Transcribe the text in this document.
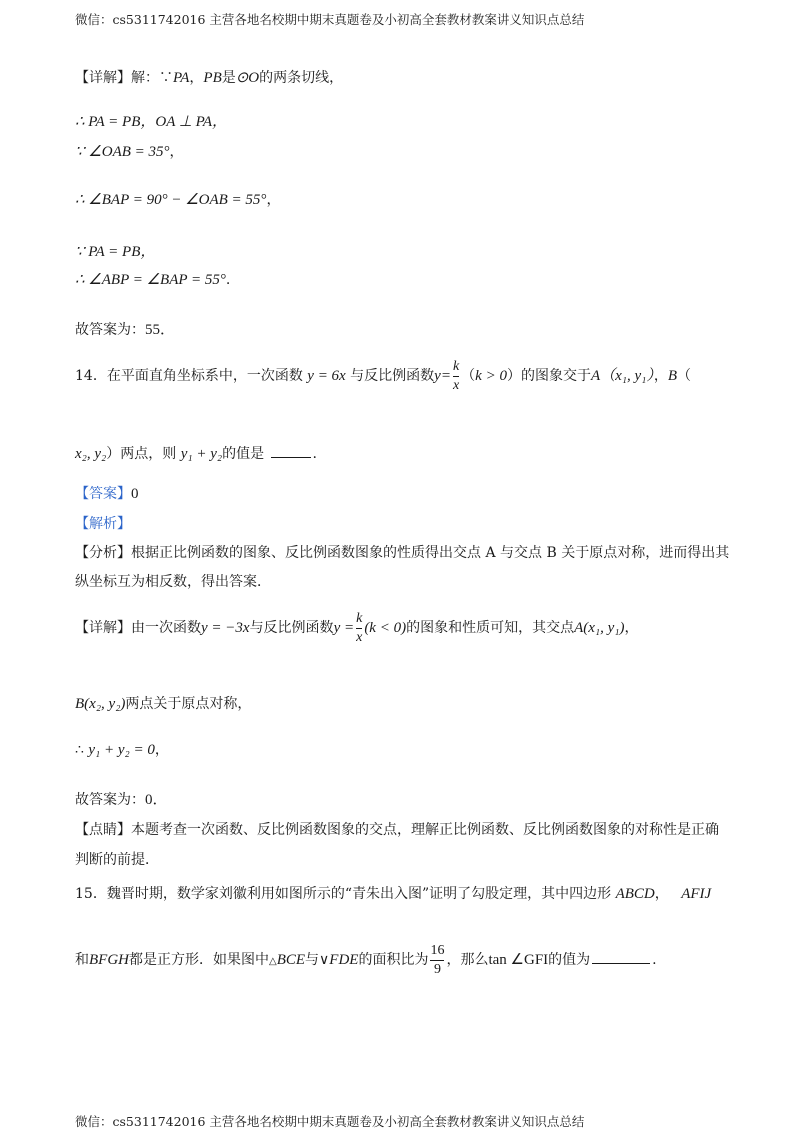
微信：cs5311742016 主营各地名校期中期末真题卷及小初高全套教材教案讲义知识点总结
【详解】解：∵PA，PB是⊙O的两条切线，
∴ PA = PB，OA ⊥ PA，
∵ ∠OAB = 35°，
∴ ∠BAP = 90° − ∠OAB = 55°，
∵ PA = PB，
∴ ∠ABP = ∠BAP = 55°.
故答案为：55．
14．在平面直角坐标系中，一次函数 y = 6x 与反比例函数$y= \frac{k}{x} (k > 0)$的图象交于A（x₁, y₁），B（
x₂, y₂）两点，则 y₁ + y₂的值是	.
【答案】0
【解析】
【分析】根据正比例函数的图象、反比例函数图象的性质得出交点 A 与交点 B 关于原点对称，进而得出其
纵坐标互为相反数，得出答案．
【详解】由一次函数y = −3x与反比例函数$y = \frac{k}{x} (k < 0)$的图象和性质可知，其交点A(x₁, y₁)，
B(x₂, y₂)两点关于原点对称，
∴ y₁ + y₂ = 0，
故答案为：0．
【点睛】本题考查一次函数、反比例函数图象的交点，理解正比例函数、反比例函数图象的对称性是正确
判断的前提．
15．魏晋时期，数学家刘徽利用如图所示的“青朱出入图”证明了勾股定理，其中四边形 ABCD， AFIJ
和BFGH都是正方形．如果图中△BCE与∨FDE的面积比为 $\frac{16}{9}$ ，那么tan ∠GFI的值为	.
微信：cs5311742016 主营各地名校期中期末真题卷及小初高全套教材教案讲义知识点总结
